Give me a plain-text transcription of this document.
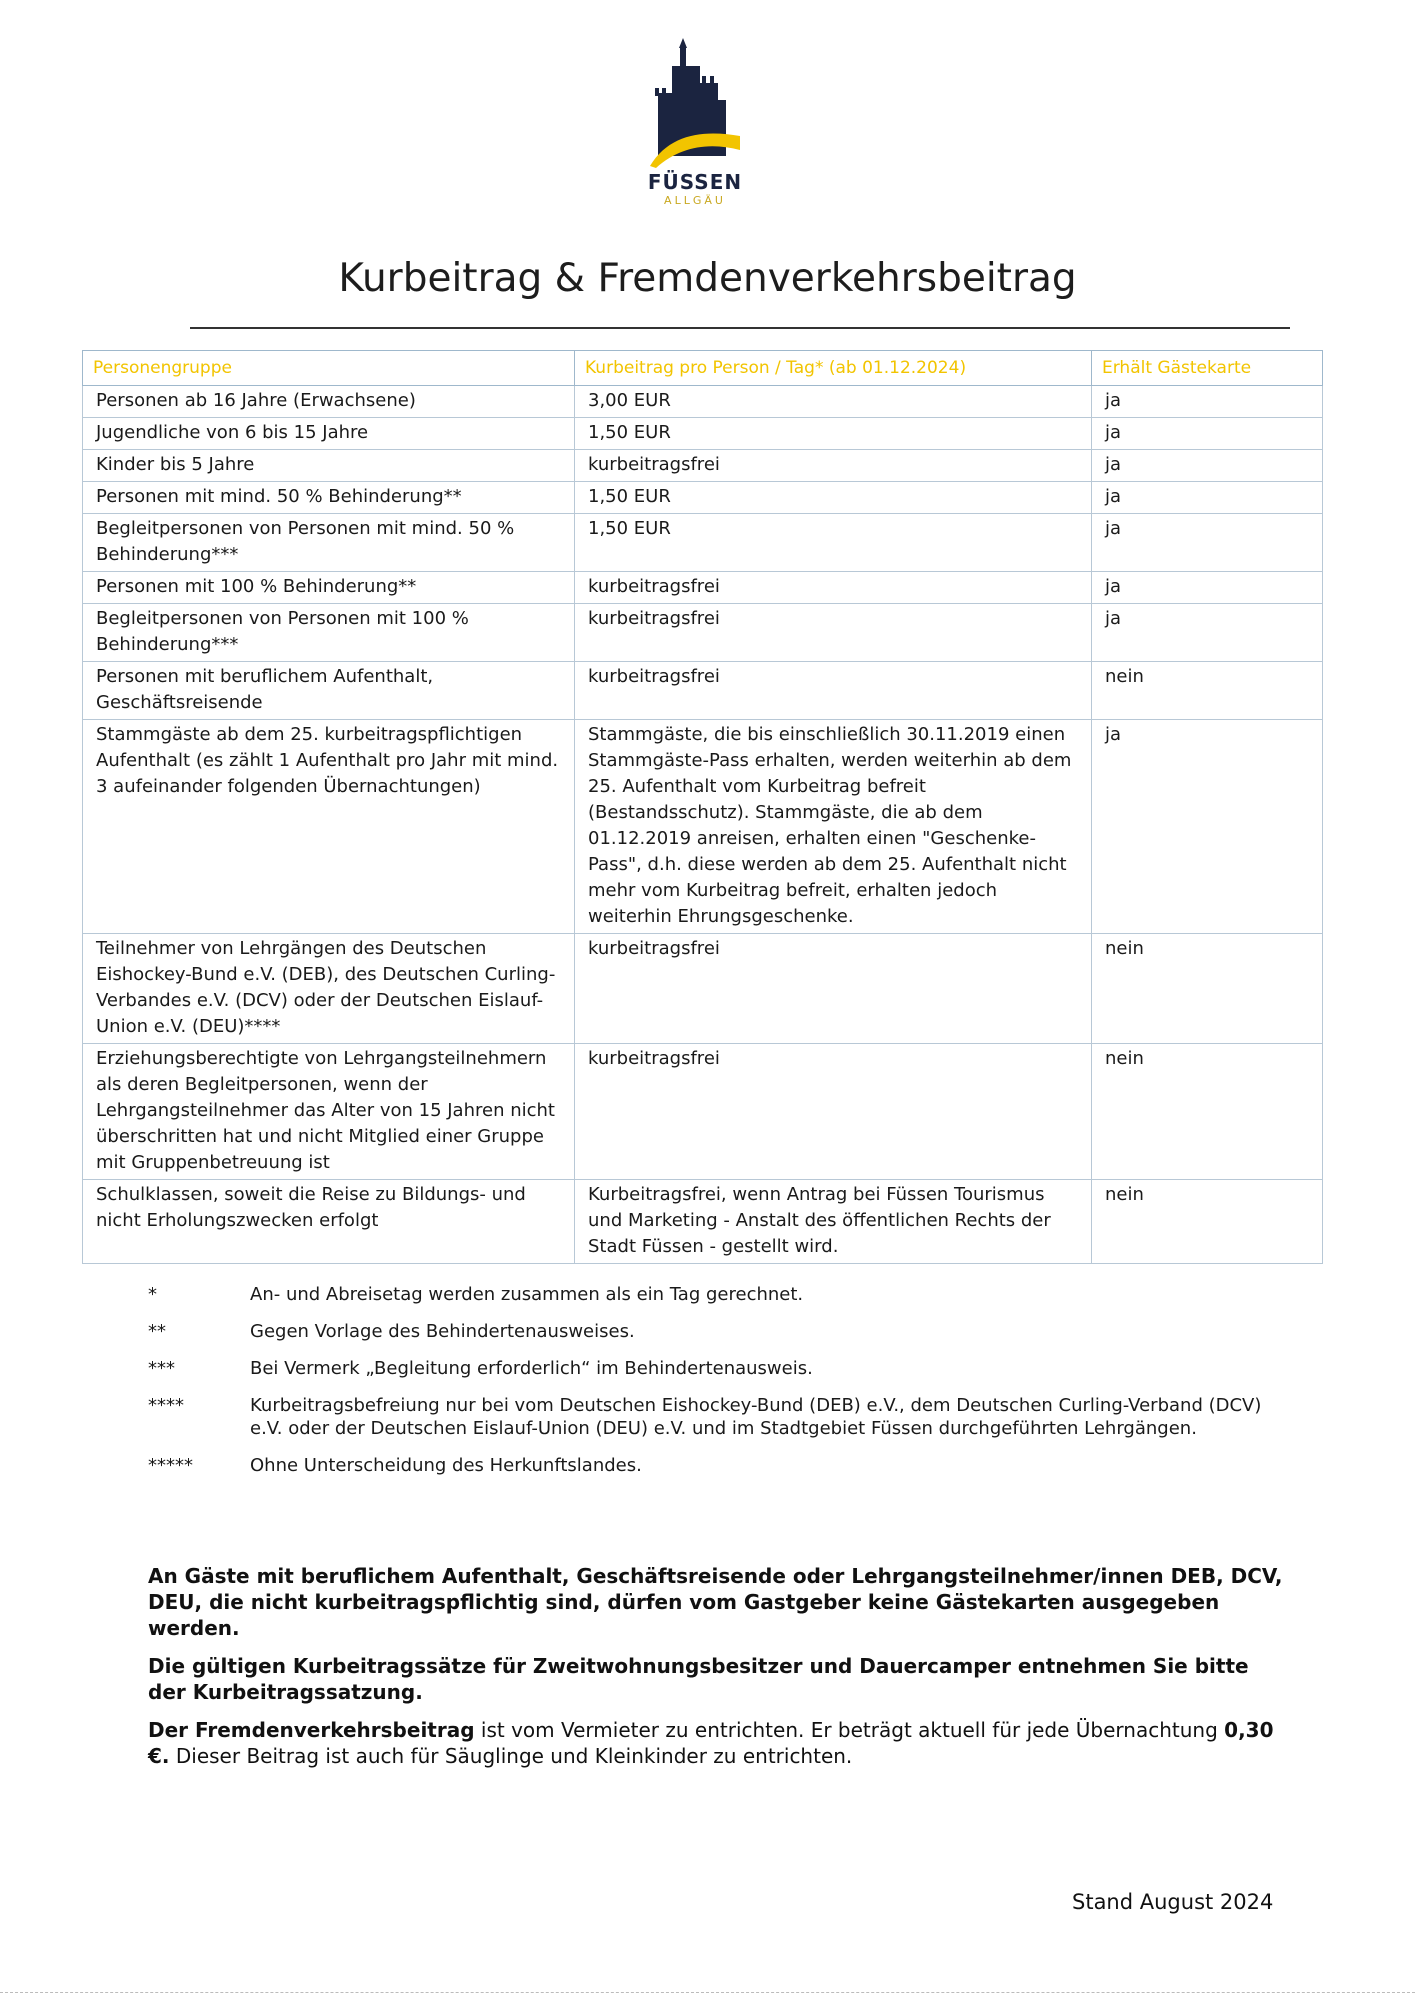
FÜSSEN
ALLGÄU
Kurbeitrag & Fremdenverkehrsbeitrag
Personengruppe	Kurbeitrag pro Person / Tag* (ab 01.12.2024)	Erhält Gästekarte
Personen ab 16 Jahre (Erwachsene)	3,00 EUR	ja
Jugendliche von 6 bis 15 Jahre	1,50 EUR	ja
Kinder bis 5 Jahre	kurbeitragsfrei	ja
Personen mit mind. 50 % Behinderung**	1,50 EUR	ja
Begleitpersonen von Personen mit mind. 50 % Behinderung***	1,50 EUR	ja
Personen mit 100 % Behinderung**	kurbeitragsfrei	ja
Begleitpersonen von Personen mit 100 % Behinderung***	kurbeitragsfrei	ja
Personen mit beruflichem Aufenthalt, Geschäftsreisende	kurbeitragsfrei	nein
Stammgäste ab dem 25. kurbeitragspflichtigen Aufenthalt (es zählt 1 Aufenthalt pro Jahr mit mind. 3 aufeinander folgenden Übernachtungen)	Stammgäste, die bis einschließlich 30.11.2019 einen Stammgäste-Pass erhalten, werden weiterhin ab dem 25. Aufenthalt vom Kurbeitrag befreit (Bestandsschutz). Stammgäste, die ab dem 01.12.2019 anreisen, erhalten einen "Geschenke-Pass", d.h. diese werden ab dem 25. Aufenthalt nicht mehr vom Kurbeitrag befreit, erhalten jedoch weiterhin Ehrungsgeschenke.	ja
Teilnehmer von Lehrgängen des Deutschen Eishockey-Bund e.V. (DEB), des Deutschen Curling-Verbandes e.V. (DCV) oder der Deutschen Eislauf-Union e.V. (DEU)****	kurbeitragsfrei	nein
Erziehungsberechtigte von Lehrgangsteilnehmern als deren Begleitpersonen, wenn der Lehrgangsteilnehmer das Alter von 15 Jahren nicht überschritten hat und nicht Mitglied einer Gruppe mit Gruppenbetreuung ist	kurbeitragsfrei	nein
Schulklassen, soweit die Reise zu Bildungs- und nicht Erholungszwecken erfolgt	Kurbeitragsfrei, wenn Antrag bei Füssen Tourismus und Marketing - Anstalt des öffentlichen Rechts der Stadt Füssen - gestellt wird.	nein
*	An- und Abreisetag werden zusammen als ein Tag gerechnet.
**	Gegen Vorlage des Behindertenausweises.
***	Bei Vermerk „Begleitung erforderlich“ im Behindertenausweis.
****	Kurbeitragsbefreiung nur bei vom Deutschen Eishockey-Bund (DEB) e.V., dem Deutschen Curling-Verband (DCV) e.V. oder der Deutschen Eislauf-Union (DEU) e.V. und im Stadtgebiet Füssen durchgeführten Lehrgängen.
*****	Ohne Unterscheidung des Herkunftslandes.
An Gäste mit beruflichem Aufenthalt, Geschäftsreisende oder Lehrgangsteilnehmer/innen DEB, DCV, DEU, die nicht kurbeitragspflichtig sind, dürfen vom Gastgeber keine Gästekarten ausgegeben werden.
Die gültigen Kurbeitragssätze für Zweitwohnungsbesitzer und Dauercamper entnehmen Sie bitte der Kurbeitragssatzung.
Der Fremdenverkehrsbeitrag ist vom Vermieter zu entrichten. Er beträgt aktuell für jede Übernachtung 0,30 €. Dieser Beitrag ist auch für Säuglinge und Kleinkinder zu entrichten.
Stand August 2024
